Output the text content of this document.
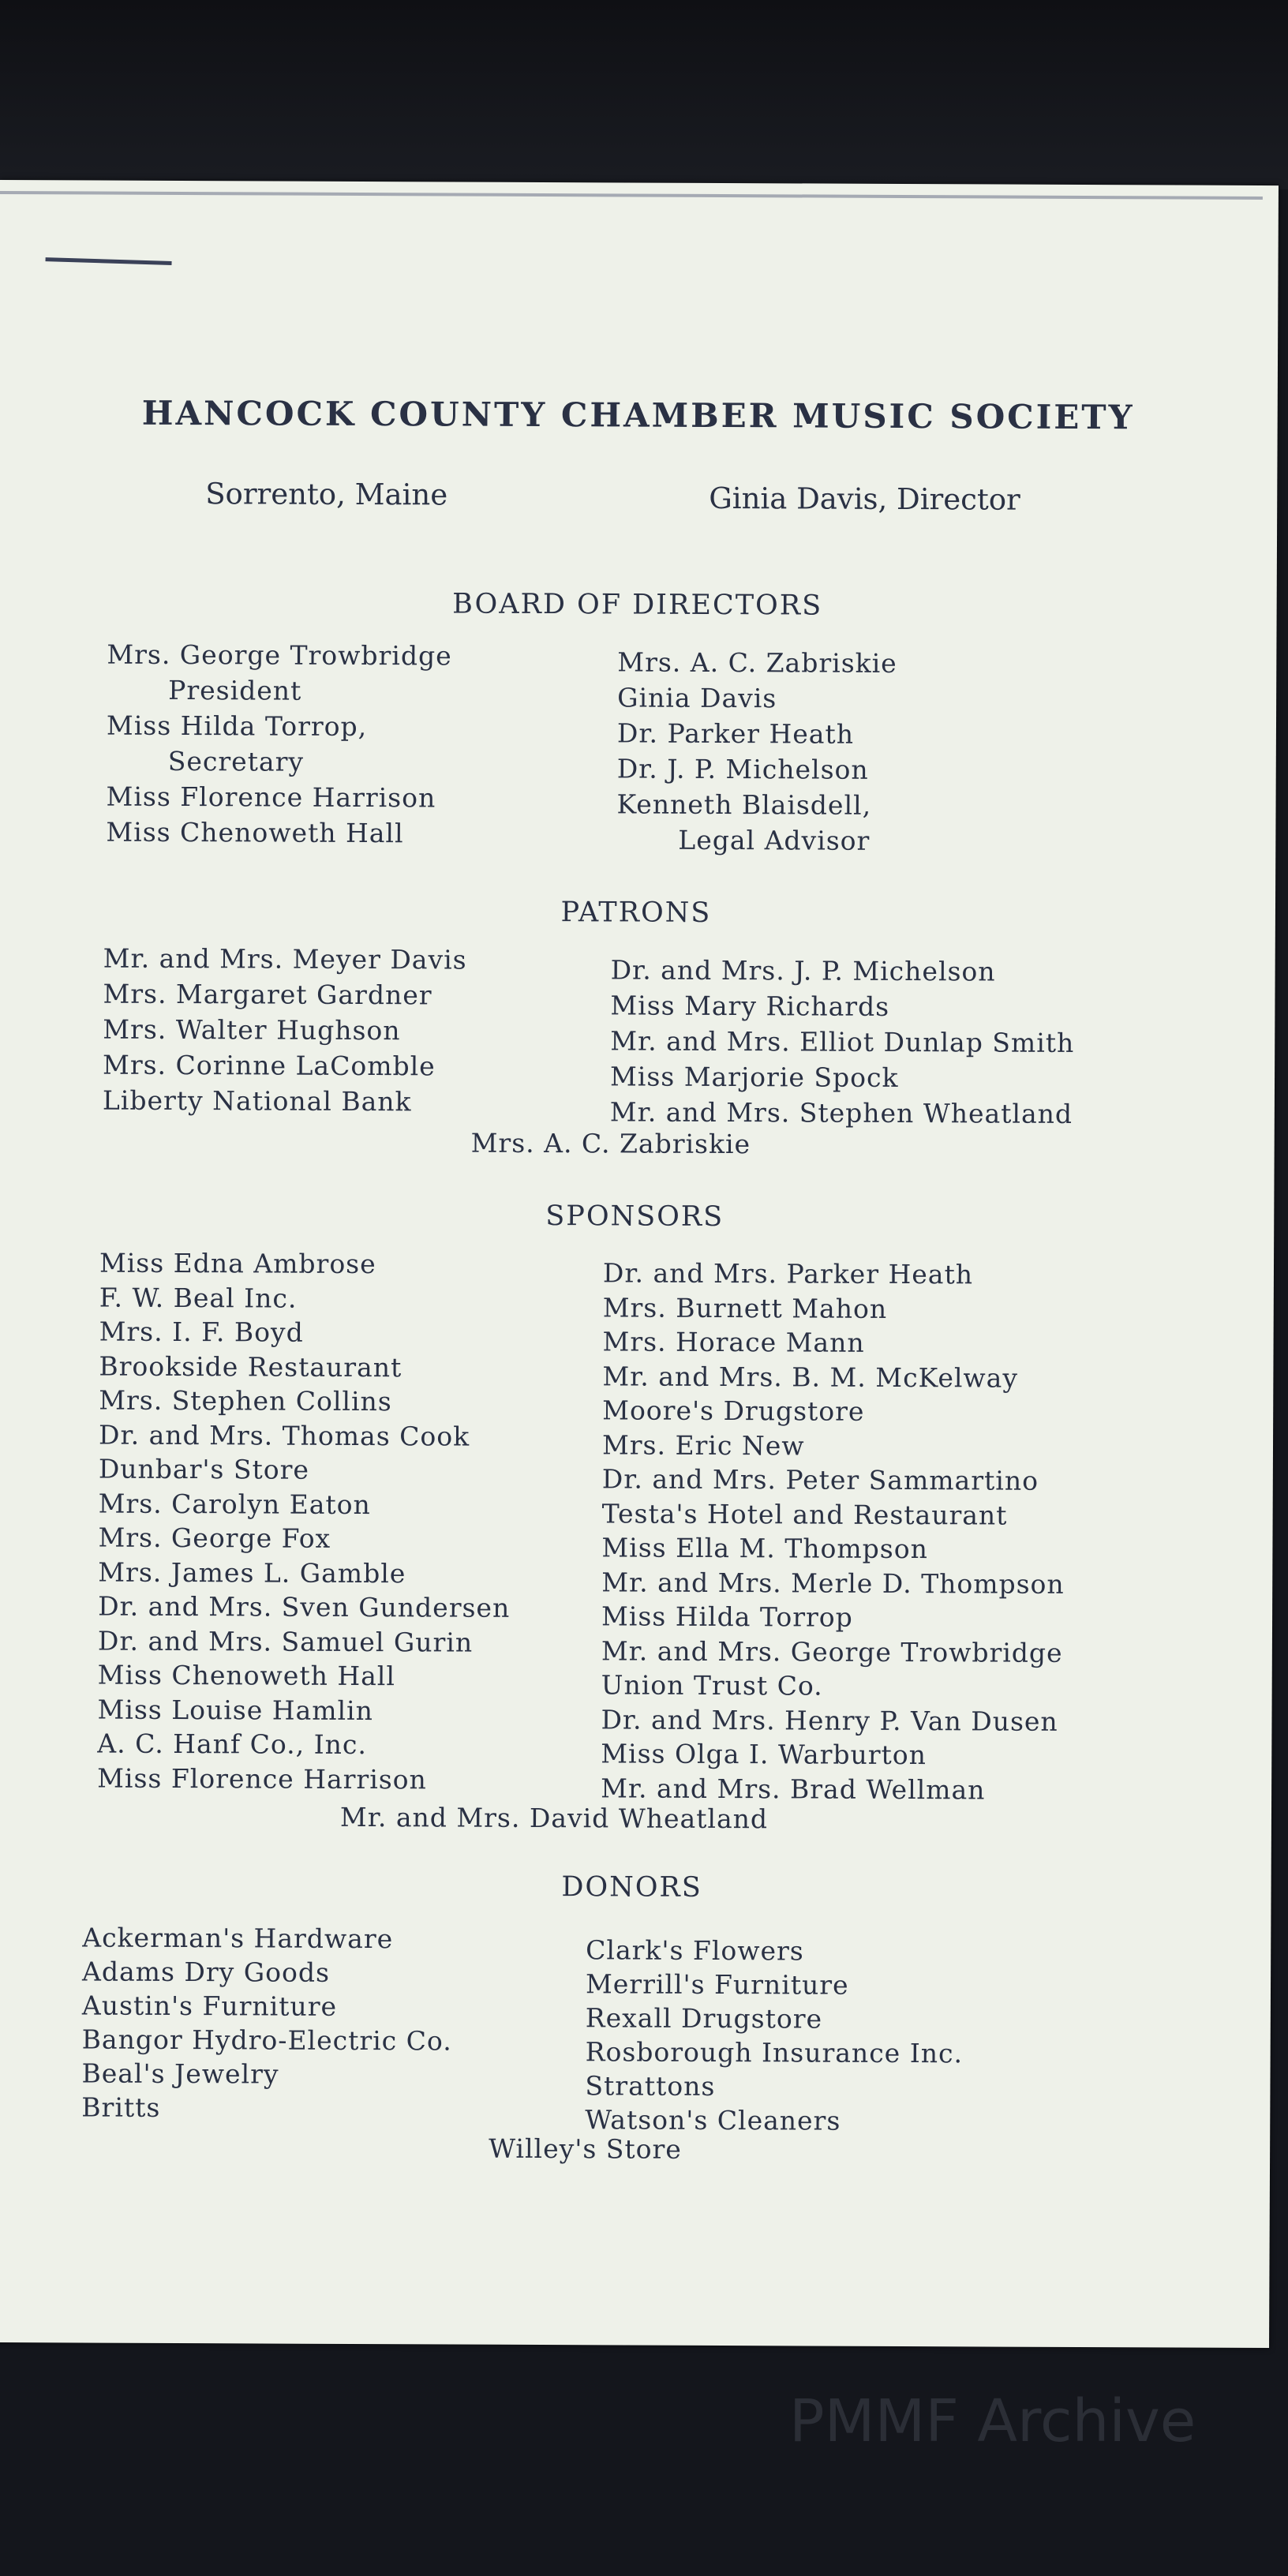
HANCOCK COUNTY CHAMBER MUSIC SOCIETY
Sorrento, Maine	Ginia Davis, Director
BOARD OF DIRECTORS
Mrs. George Trowbridge
President
Miss Hilda Torrop,
Secretary
Miss Florence Harrison
Miss Chenoweth Hall
Mrs. A. C. Zabriskie
Ginia Davis
Dr. Parker Heath
Dr. J. P. Michelson
Kenneth Blaisdell,
Legal Advisor
PATRONS
Mr. and Mrs. Meyer Davis
Mrs. Margaret Gardner
Mrs. Walter Hughson
Mrs. Corinne LaComble
Liberty National Bank
Dr. and Mrs. J. P. Michelson
Miss Mary Richards
Mr. and Mrs. Elliot Dunlap Smith
Miss Marjorie Spock
Mr. and Mrs. Stephen Wheatland
Mrs. A. C. Zabriskie
SPONSORS
Miss Edna Ambrose
F. W. Beal Inc.
Mrs. I. F. Boyd
Brookside Restaurant
Mrs. Stephen Collins
Dr. and Mrs. Thomas Cook
Dunbar's Store
Mrs. Carolyn Eaton
Mrs. George Fox
Mrs. James L. Gamble
Dr. and Mrs. Sven Gundersen
Dr. and Mrs. Samuel Gurin
Miss Chenoweth Hall
Miss Louise Hamlin
A. C. Hanf Co., Inc.
Miss Florence Harrison
Dr. and Mrs. Parker Heath
Mrs. Burnett Mahon
Mrs. Horace Mann
Mr. and Mrs. B. M. McKelway
Moore's Drugstore
Mrs. Eric New
Dr. and Mrs. Peter Sammartino
Testa's Hotel and Restaurant
Miss Ella M. Thompson
Mr. and Mrs. Merle D. Thompson
Miss Hilda Torrop
Mr. and Mrs. George Trowbridge
Union Trust Co.
Dr. and Mrs. Henry P. Van Dusen
Miss Olga I. Warburton
Mr. and Mrs. Brad Wellman
Mr. and Mrs. David Wheatland
DONORS
Ackerman's Hardware
Adams Dry Goods
Austin's Furniture
Bangor Hydro-Electric Co.
Beal's Jewelry
Britts
Clark's Flowers
Merrill's Furniture
Rexall Drugstore
Rosborough Insurance Inc.
Strattons
Watson's Cleaners
Willey's Store
PMMF Archive
